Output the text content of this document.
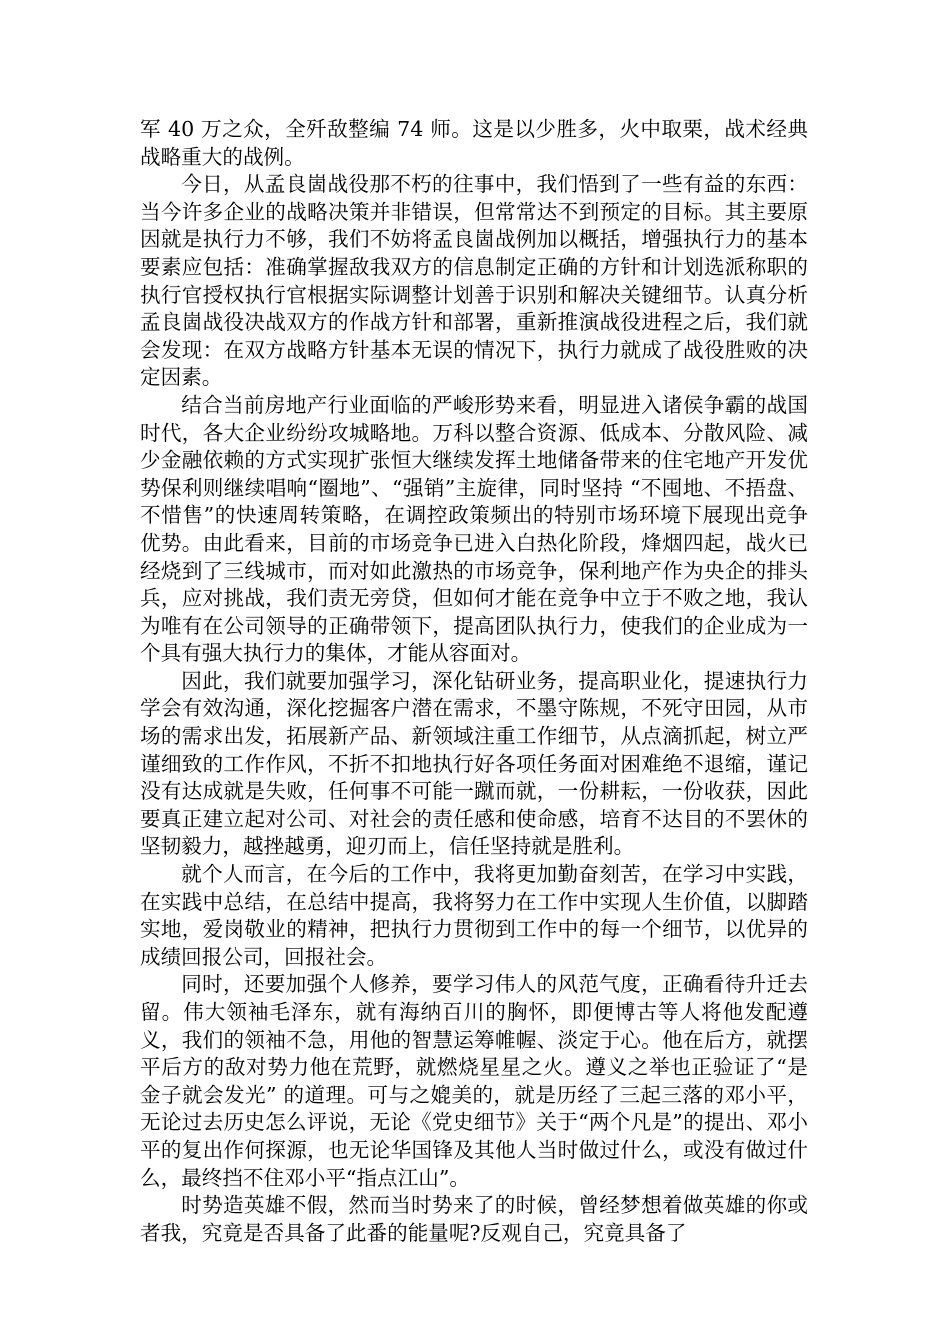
军 40 万之众，全歼敌整编 74 师。这是以少胜多，火中取栗，战术经典战略重大的战例。

今日，从孟良崮战役那不朽的往事中，我们悟到了一些有益的东西：当今许多企业的战略决策并非错误，但常常达不到预定的目标。其主要原因就是执行力不够，我们不妨将孟良崮战例加以概括，增强执行力的基本要素应包括：准确掌握敌我双方的信息制定正确的方针和计划选派称职的执行官授权执行官根据实际调整计划善于识别和解决关键细节。认真分析孟良崮战役决战双方的作战方针和部署，重新推演战役进程之后，我们就会发现：在双方战略方针基本无误的情况下，执行力就成了战役胜败的决定因素。

结合当前房地产行业面临的严峻形势来看，明显进入诸侯争霸的战国时代，各大企业纷纷攻城略地。万科以整合资源、低成本、分散风险、减少金融依赖的方式实现扩张恒大继续发挥土地储备带来的住宅地产开发优势保利则继续唱响“圈地”、“强销”主旋律，同时坚持 “不囤地、不捂盘、不惜售”的快速周转策略，在调控政策频出的特别市场环境下展现出竞争优势。由此看来，目前的市场竞争已进入白热化阶段，烽烟四起，战火已经烧到了三线城市，而对如此激热的市场竞争，保利地产作为央企的排头兵，应对挑战，我们责无旁贷，但如何才能在竞争中立于不败之地，我认为唯有在公司领导的正确带领下，提高团队执行力，使我们的企业成为一个具有强大执行力的集体，才能从容面对。

因此，我们就要加强学习，深化钻研业务，提高职业化，提速执行力学会有效沟通，深化挖掘客户潜在需求，不墨守陈规，不死守田园，从市场的需求出发，拓展新产品、新领域注重工作细节，从点滴抓起，树立严谨细致的工作作风，不折不扣地执行好各项任务面对困难绝不退缩，谨记没有达成就是失败，任何事不可能一蹴而就，一份耕耘，一份收获，因此要真正建立起对公司、对社会的责任感和使命感，培育不达目的不罢休的坚韧毅力，越挫越勇，迎刃而上，信任坚持就是胜利。

就个人而言，在今后的工作中，我将更加勤奋刻苦，在学习中实践，在实践中总结，在总结中提高，我将努力在工作中实现人生价值，以脚踏实地，爱岗敬业的精神，把执行力贯彻到工作中的每一个细节，以优异的成绩回报公司，回报社会。

同时，还要加强个人修养，要学习伟人的风范气度，正确看待升迁去留。伟大领袖毛泽东，就有海纳百川的胸怀，即便博古等人将他发配遵义，我们的领袖不急，用他的智慧运筹帷幄、淡定于心。他在后方，就摆平后方的敌对势力他在荒野，就燃烧星星之火。遵义之举也正验证了“是金子就会发光” 的道理。可与之媲美的，就是历经了三起三落的邓小平，无论过去历史怎么评说，无论《党史细节》关于“两个凡是”的提出、邓小平的复出作何探源，也无论华国锋及其他人当时做过什么，或没有做过什么，最终挡不住邓小平“指点江山”。

时势造英雄不假，然而当时势来了的时候，曾经梦想着做英雄的你或者我，究竟是否具备了此番的能量呢?反观自己，究竟具备了
